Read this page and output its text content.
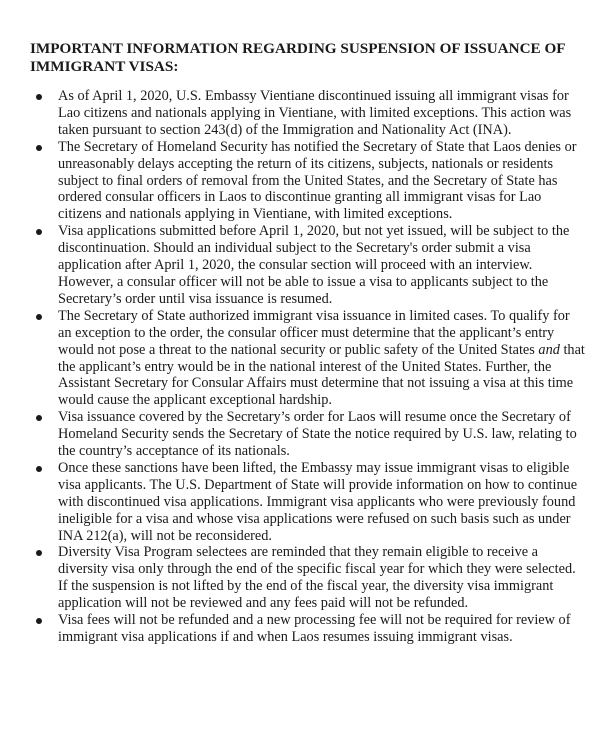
IMPORTANT INFORMATION REGARDING SUSPENSION OF ISSUANCE OF IMMIGRANT VISAS:
As of April 1, 2020, U.S. Embassy Vientiane discontinued issuing all immigrant visas for Lao citizens and nationals applying in Vientiane, with limited exceptions. This action was taken pursuant to section 243(d) of the Immigration and Nationality Act (INA).
The Secretary of Homeland Security has notified the Secretary of State that Laos denies or unreasonably delays accepting the return of its citizens, subjects, nationals or residents subject to final orders of removal from the United States, and the Secretary of State has ordered consular officers in Laos to discontinue granting all immigrant visas for Lao citizens and nationals applying in Vientiane, with limited exceptions.
Visa applications submitted before April 1, 2020, but not yet issued, will be subject to the discontinuation. Should an individual subject to the Secretary's order submit a visa application after April 1, 2020, the consular section will proceed with an interview. However, a consular officer will not be able to issue a visa to applicants subject to the Secretary’s order until visa issuance is resumed.
The Secretary of State authorized immigrant visa issuance in limited cases. To qualify for an exception to the order, the consular officer must determine that the applicant’s entry would not pose a threat to the national security or public safety of the United States and that the applicant’s entry would be in the national interest of the United States. Further, the Assistant Secretary for Consular Affairs must determine that not issuing a visa at this time would cause the applicant exceptional hardship.
Visa issuance covered by the Secretary’s order for Laos will resume once the Secretary of Homeland Security sends the Secretary of State the notice required by U.S. law, relating to the country’s acceptance of its nationals.
Once these sanctions have been lifted, the Embassy may issue immigrant visas to eligible visa applicants. The U.S. Department of State will provide information on how to continue with discontinued visa applications. Immigrant visa applicants who were previously found ineligible for a visa and whose visa applications were refused on such basis such as under INA 212(a), will not be reconsidered.
Diversity Visa Program selectees are reminded that they remain eligible to receive a diversity visa only through the end of the specific fiscal year for which they were selected. If the suspension is not lifted by the end of the fiscal year, the diversity visa immigrant application will not be reviewed and any fees paid will not be refunded.
Visa fees will not be refunded and a new processing fee will not be required for review of immigrant visa applications if and when Laos resumes issuing immigrant visas.
